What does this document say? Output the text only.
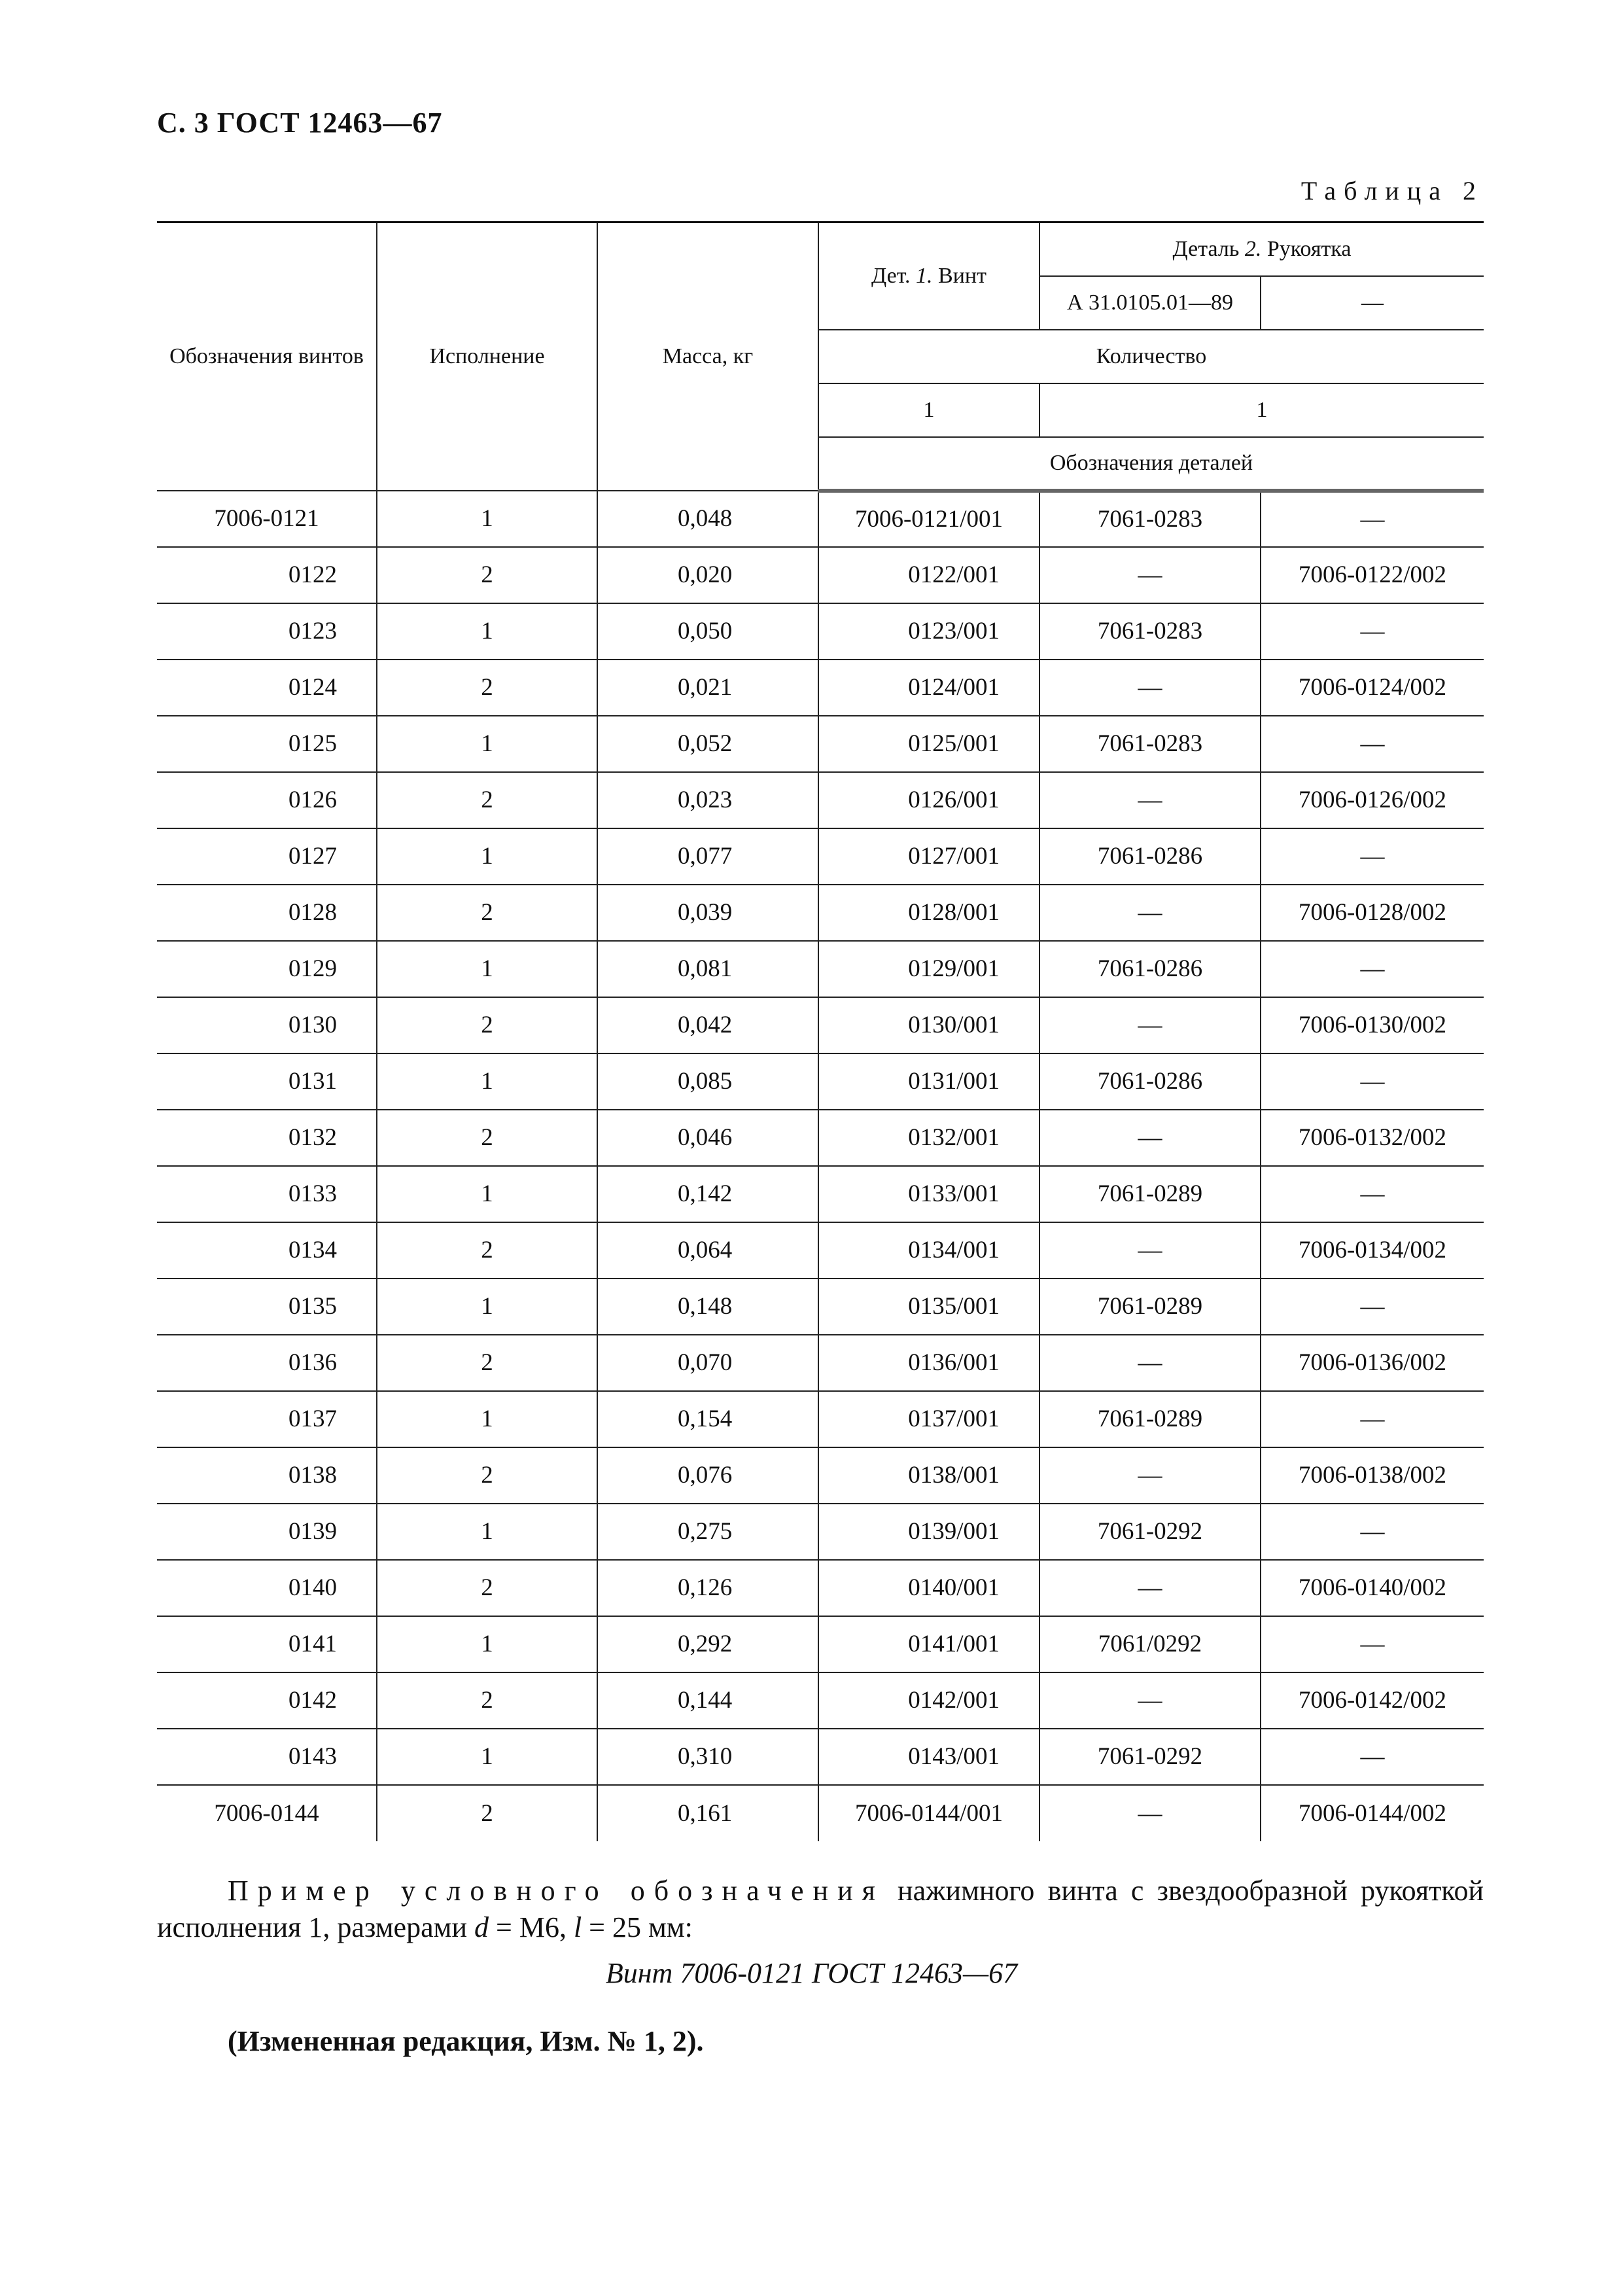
С. 3 ГОСТ 12463—67
Таблица 2
Обозначения винтов	Исполнение	Масса, кг	Дет. 1. Винт	Деталь 2. Рукоятка	
				А 31.0105.01—89	—
			Количество		
			1	1	
			Обозначения деталей		
7006-0121	1	0,048	7006-0121/001	7061-0283	—
0122	2	0,020	0122/001	—	7006-0122/002
0123	1	0,050	0123/001	7061-0283	—
0124	2	0,021	0124/001	—	7006-0124/002
0125	1	0,052	0125/001	7061-0283	—
0126	2	0,023	0126/001	—	7006-0126/002
0127	1	0,077	0127/001	7061-0286	—
0128	2	0,039	0128/001	—	7006-0128/002
0129	1	0,081	0129/001	7061-0286	—
0130	2	0,042	0130/001	—	7006-0130/002
0131	1	0,085	0131/001	7061-0286	—
0132	2	0,046	0132/001	—	7006-0132/002
0133	1	0,142	0133/001	7061-0289	—
0134	2	0,064	0134/001	—	7006-0134/002
0135	1	0,148	0135/001	7061-0289	—
0136	2	0,070	0136/001	—	7006-0136/002
0137	1	0,154	0137/001	7061-0289	—
0138	2	0,076	0138/001	—	7006-0138/002
0139	1	0,275	0139/001	7061-0292	—
0140	2	0,126	0140/001	—	7006-0140/002
0141	1	0,292	0141/001	7061/0292	—
0142	2	0,144	0142/001	—	7006-0142/002
0143	1	0,310	0143/001	7061-0292	—
7006-0144	2	0,161	7006-0144/001	—	7006-0144/002
Пример условного обозначения нажимного винта с звездообразной рукояткой исполнения 1, размерами d = М6, l = 25 мм:
Винт 7006-0121 ГОСТ 12463—67
(Измененная редакция, Изм. № 1, 2).
